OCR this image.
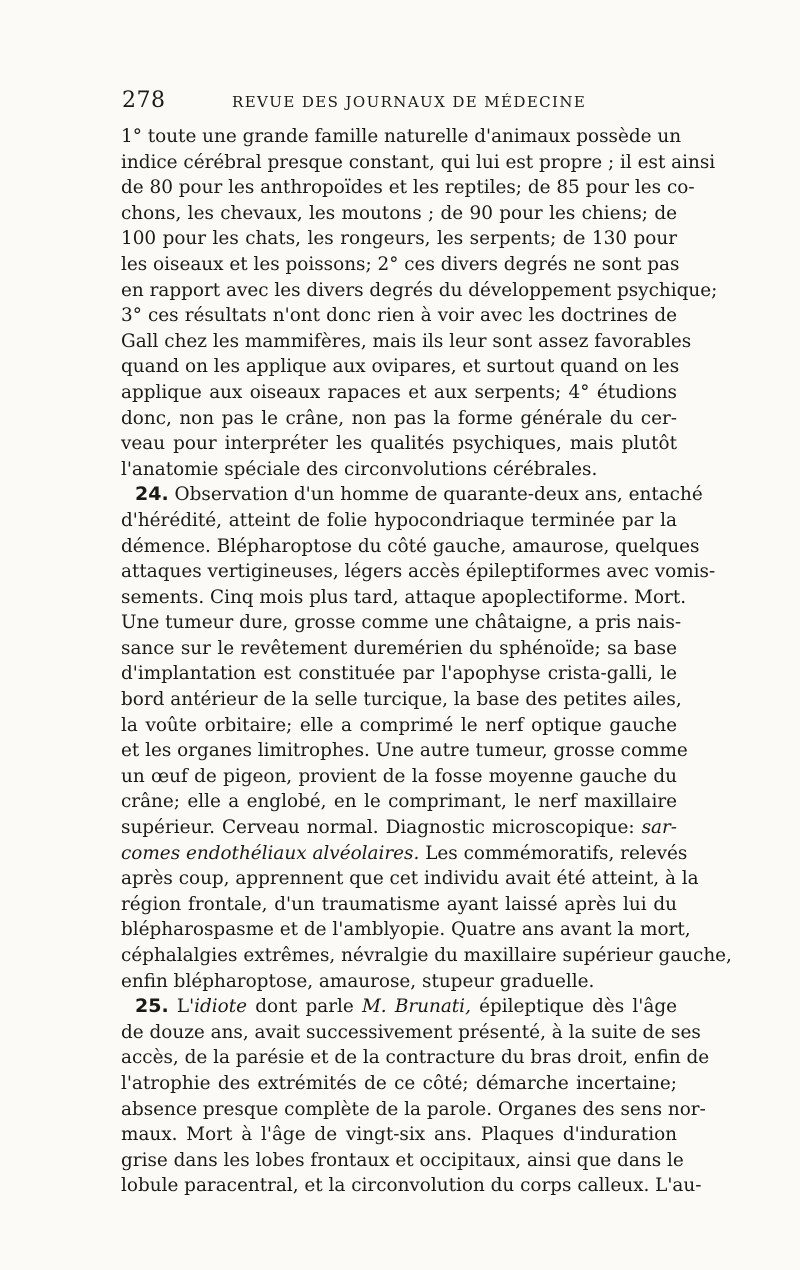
278	REVUE DES JOURNAUX DE MÉDECINE
1° toute une grande famille naturelle d'animaux possède un
indice cérébral presque constant, qui lui est propre ; il est ainsi
de 80 pour les anthropoïdes et les reptiles; de 85 pour les co-
chons, les chevaux, les moutons ; de 90 pour les chiens; de
100 pour les chats, les rongeurs, les serpents; de 130 pour
les oiseaux et les poissons; 2° ces divers degrés ne sont pas
en rapport avec les divers degrés du développement psychique;
3° ces résultats n'ont donc rien à voir avec les doctrines de
Gall chez les mammifères, mais ils leur sont assez favorables
quand on les applique aux ovipares, et surtout quand on les
applique aux oiseaux rapaces et aux serpents; 4° étudions
donc, non pas le crâne, non pas la forme générale du cer-
veau pour interpréter les qualités psychiques, mais plutôt
l'anatomie spéciale des circonvolutions cérébrales.
24. Observation d'un homme de quarante-deux ans, entaché
d'hérédité, atteint de folie hypocondriaque terminée par la
démence. Blépharoptose du côté gauche, amaurose, quelques
attaques vertigineuses, légers accès épileptiformes avec vomis-
sements. Cinq mois plus tard, attaque apoplectiforme. Mort.
Une tumeur dure, grosse comme une châtaigne, a pris nais-
sance sur le revêtement duremérien du sphénoïde; sa base
d'implantation est constituée par l'apophyse crista-galli, le
bord antérieur de la selle turcique, la base des petites ailes,
la voûte orbitaire; elle a comprimé le nerf optique gauche
et les organes limitrophes. Une autre tumeur, grosse comme
un œuf de pigeon, provient de la fosse moyenne gauche du
crâne; elle a englobé, en le comprimant, le nerf maxillaire
supérieur. Cerveau normal. Diagnostic microscopique: sar-
comes endothéliaux alvéolaires. Les commémoratifs, relevés
après coup, apprennent que cet individu avait été atteint, à la
région frontale, d'un traumatisme ayant laissé après lui du
blépharospasme et de l'amblyopie. Quatre ans avant la mort,
céphalalgies extrêmes, névralgie du maxillaire supérieur gauche,
enfin blépharoptose, amaurose, stupeur graduelle.
25. L'idiote dont parle M. Brunati, épileptique dès l'âge
de douze ans, avait successivement présenté, à la suite de ses
accès, de la parésie et de la contracture du bras droit, enfin de
l'atrophie des extrémités de ce côté; démarche incertaine;
absence presque complète de la parole. Organes des sens nor-
maux. Mort à l'âge de vingt-six ans. Plaques d'induration
grise dans les lobes frontaux et occipitaux, ainsi que dans le
lobule paracentral, et la circonvolution du corps calleux. L'au-
